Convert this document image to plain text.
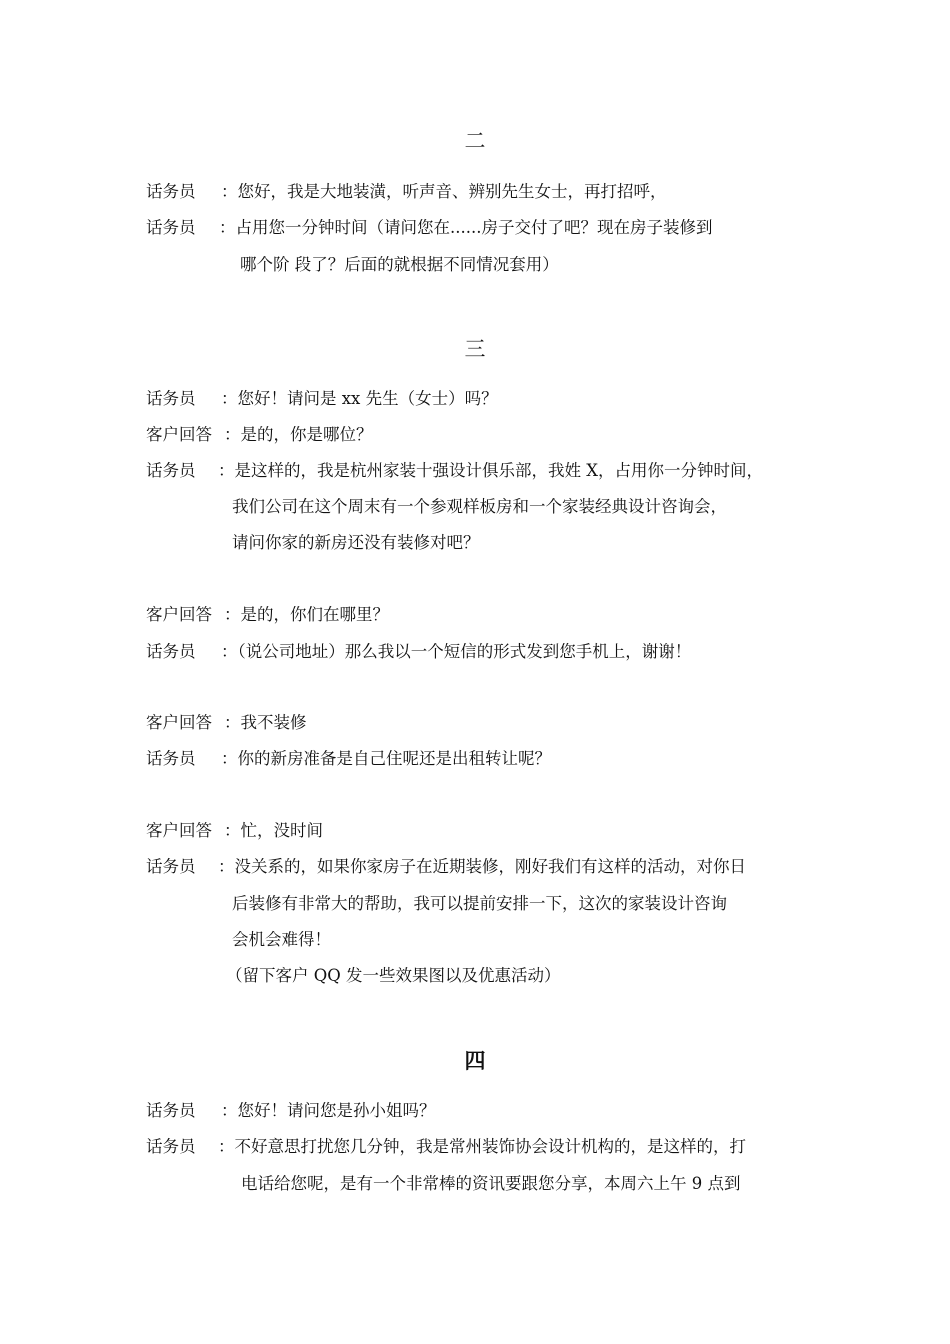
二
话务员 ：您好，我是大地装潢，听声音、辨别先生女士，再打招呼，
话务员 ：占用您一分钟时间（请问您在......房子交付了吧？现在房子装修到
哪个阶 段了？后面的就根据不同情况套用）
三
话务员 ：您好！请问是 xx 先生（女士）吗？
客户回答 ：是的，你是哪位？
话务员 ：是这样的，我是杭州家装十强设计俱乐部，我姓 X，占用你一分钟时间，
我们公司在这个周末有一个参观样板房和一个家装经典设计咨询会，
请问你家的新房还没有装修对吧？
客户回答 ：是的，你们在哪里？
话务员 ：（说公司地址）那么我以一个短信的形式发到您手机上，谢谢！
客户回答 ：我不装修
话务员 ：你的新房准备是自己住呢还是出租转让呢？
客户回答 ：忙，没时间
话务员 ：没关系的，如果你家房子在近期装修，刚好我们有这样的活动，对你日
后装修有非常大的帮助，我可以提前安排一下，这次的家装设计咨询
会机会难得！
（留下客户 QQ 发一些效果图以及优惠活动）
四
话务员 ：您好！请问您是孙小姐吗？
话务员 ：不好意思打扰您几分钟，我是常州装饰协会设计机构的，是这样的，打
电话给您呢，是有一个非常棒的资讯要跟您分享，本周六上午 9 点到
